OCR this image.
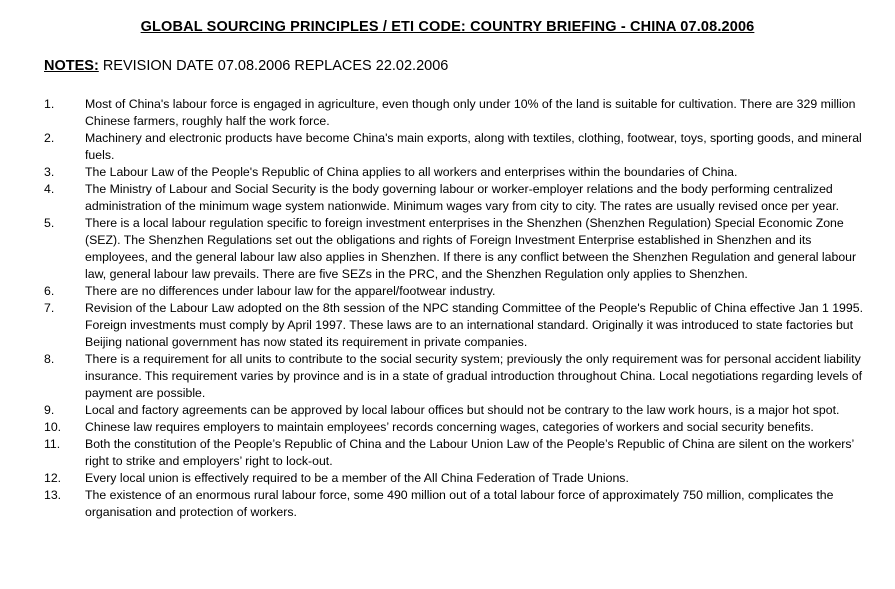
GLOBAL SOURCING PRINCIPLES / ETI CODE: COUNTRY BRIEFING - CHINA 07.08.2006
NOTES: REVISION DATE 07.08.2006 REPLACES 22.02.2006
1.	Most of China's labour force is engaged in agriculture, even though only under 10% of the land is suitable for cultivation. There are 329 million Chinese farmers, roughly half the work force.
2.	Machinery and electronic products have become China's main exports, along with textiles, clothing, footwear, toys, sporting goods, and mineral fuels.
3.	The Labour Law of the People's Republic of China applies to all workers and enterprises within the boundaries of China.
4.	The Ministry of Labour and Social Security is the body governing labour or worker-employer relations and the body performing centralized administration of the minimum wage system nationwide. Minimum wages vary from city to city. The rates are usually revised once per year.
5.	There is a local labour regulation specific to foreign investment enterprises in the Shenzhen (Shenzhen Regulation) Special Economic Zone (SEZ). The Shenzhen Regulations set out the obligations and rights of Foreign Investment Enterprise established in Shenzhen and its employees, and the general labour law also applies in Shenzhen. If there is any conflict between the Shenzhen Regulation and general labour law, general labour law prevails. There are five SEZs in the PRC, and the Shenzhen Regulation only applies to Shenzhen.
6.	There are no differences under labour law for the apparel/footwear industry.
7.	Revision of the Labour Law adopted on the 8th session of the NPC standing Committee of the People's Republic of China effective Jan 1 1995. Foreign investments must comply by April 1997. These laws are to an international standard. Originally it was introduced to state factories but Beijing national government has now stated its requirement in private companies.
8.	There is a requirement for all units to contribute to the social security system; previously the only requirement was for personal accident liability insurance. This requirement varies by province and is in a state of gradual introduction throughout China. Local negotiations regarding levels of payment are possible.
9.	Local and factory agreements can be approved by local labour offices but should not be contrary to the law work hours, is a major hot spot.
10.	Chinese law requires employers to maintain employees’ records concerning wages, categories of workers and social security benefits.
11.	Both the constitution of the People’s Republic of China and the Labour Union Law of the People’s Republic of China are silent on the workers’ right to strike and employers’ right to lock-out.
12.	Every local union is effectively required to be a member of the All China Federation of Trade Unions.
13.	The existence of an enormous rural labour force, some 490 million out of a total labour force of approximately 750 million, complicates the organisation and protection of workers.
